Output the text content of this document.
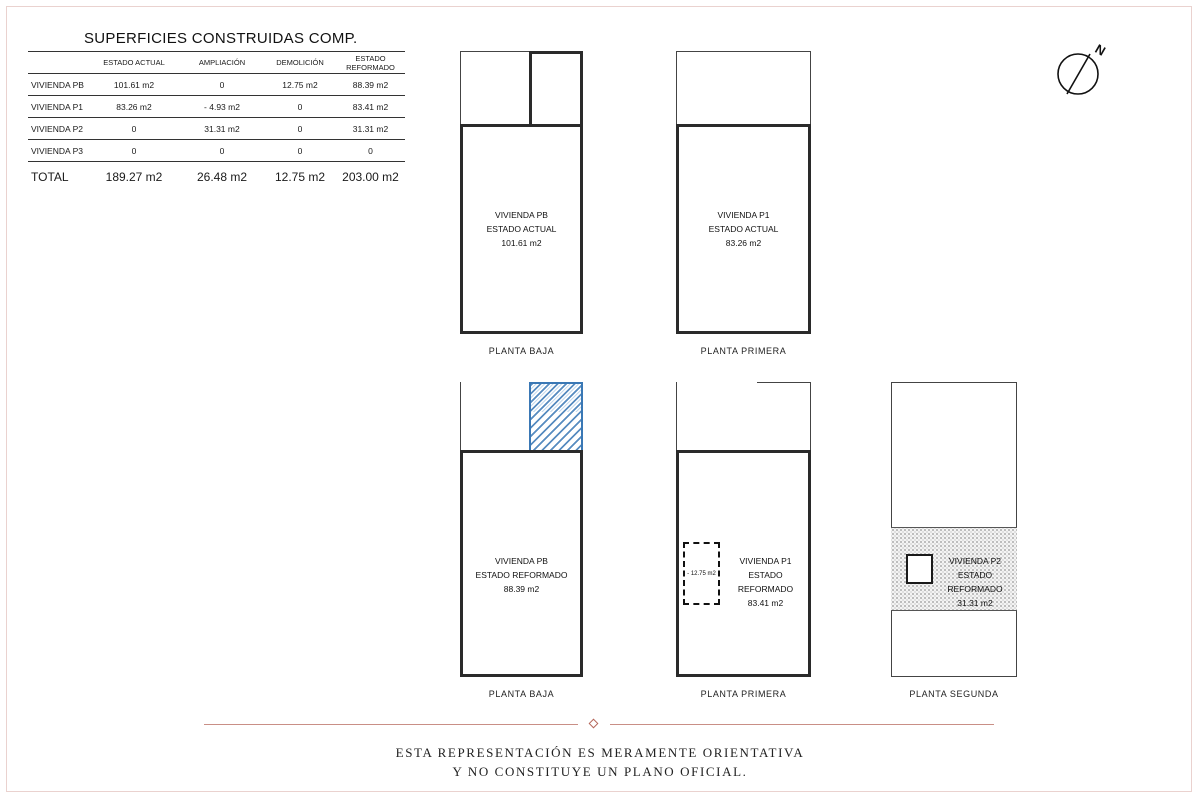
SUPERFICIES CONSTRUIDAS COMP.
	ESTADO ACTUAL	AMPLIACIÓN	DEMOLICIÓN	ESTADO REFORMADO
VIVIENDA PB	101.61 m2	0	12.75 m2	88.39 m2
VIVIENDA P1	83.26 m2	- 4.93 m2	0	83.41 m2
VIVIENDA P2	0	31.31 m2	0	31.31 m2
VIVIENDA P3	0	0	0	0
TOTAL	189.27 m2	26.48 m2	12.75 m2	203.00 m2
N
VIVIENDA PB
ESTADO ACTUAL
101.61 m2
PLANTA BAJA
VIVIENDA P1
ESTADO ACTUAL
83.26 m2
PLANTA PRIMERA
VIVIENDA PB
ESTADO REFORMADO
88.39 m2
PLANTA BAJA
- 12.75 m2
VIVIENDA P1
ESTADO REFORMADO
83.41 m2
PLANTA PRIMERA
VIVIENDA P2
ESTADO REFORMADO
31.31 m2
PLANTA SEGUNDA
ESTA REPRESENTACIÓN ES MERAMENTE ORIENTATIVA
Y NO CONSTITUYE UN PLANO OFICIAL.
